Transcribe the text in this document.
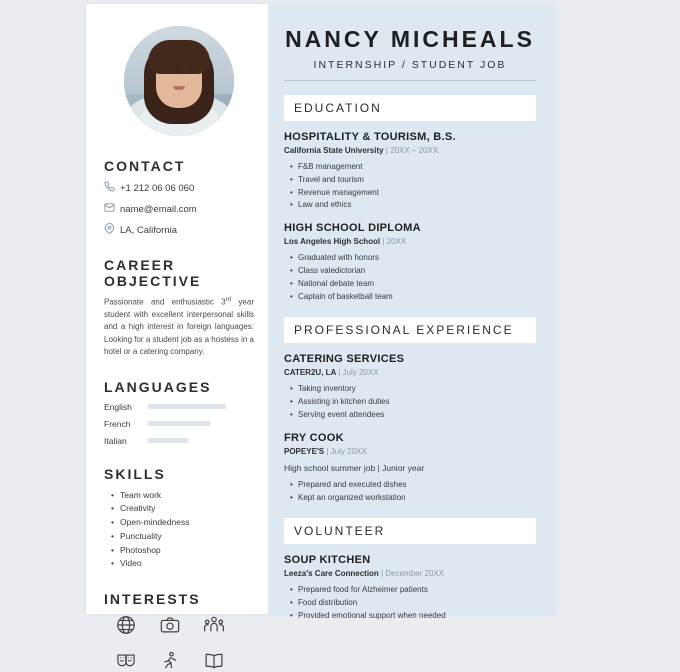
CONTACT
+1 212 06 06 060
name@email.com
LA, California
CAREER OBJECTIVE

Passionate and enthusiastic 3rd year student with excellent interpersonal skills and a high interest in foreign languages. Looking for a student job as a hostess in a hotel or a catering company.

LANGUAGES
English
French
Italian
SKILLS
• Team work
• Creativity
• Open-mindedness
• Punctuality
• Photoshop
• Video
INTERESTS
NANCY MICHEALS
INTERNSHIP / STUDENT JOB
EDUCATION
HOSPITALITY & TOURISM, B.S.
California State University | 20XX – 20XX
• F&B management
• Travel and tourism
• Revenue management
• Law and ethics
HIGH SCHOOL DIPLOMA
Los Angeles High School | 20XX
• Graduated with honors
• Class valedictorian
• National debate team
• Captain of basketball team
PROFESSIONAL EXPERIENCE
CATERING SERVICES
CATER2U, LA | July 20XX
• Taking inventory
• Assisting in kitchen duties
• Serving event attendees
FRY COOK
POPEYE'S | July 20XX
High school summer job | Junior year
• Prepared and executed dishes
• Kept an organized workstation
VOLUNTEER
SOUP KITCHEN
Leeza's Care Connection | December 20XX
• Prepared food for Alzheimer patients
• Food distribution
• Provided emotional support when needed
